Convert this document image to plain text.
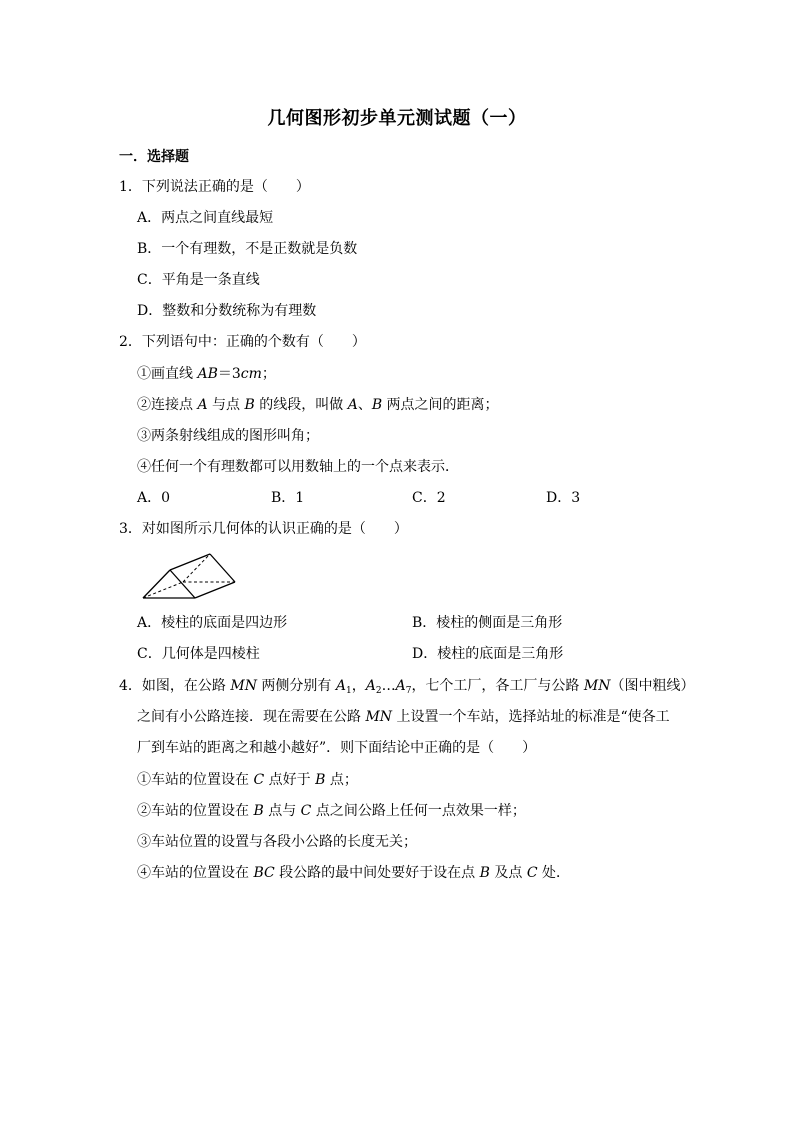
几何图形初步单元测试题（一）
一．选择题
1．下列说法正确的是（　　）
A．两点之间直线最短
B．一个有理数，不是正数就是负数
C．平角是一条直线
D．整数和分数统称为有理数
2．下列语句中：正确的个数有（　　）
①画直线 AB＝3cm；
②连接点 A 与点 B 的线段，叫做 A、B 两点之间的距离；
③两条射线组成的图形叫角；
④任何一个有理数都可以用数轴上的一个点来表示．
A．0	B．1	C．2	D．3
3．对如图所示几何体的认识正确的是（　　）
A．棱柱的底面是四边形	B．棱柱的侧面是三角形
C．几何体是四棱柱	D．棱柱的底面是三角形
4．如图，在公路 MN 两侧分别有 $A_1$，$A_2\dots A_7$，七个工厂，各工厂与公路 MN（图中粗线）
之间有小公路连接．现在需要在公路 MN 上设置一个车站，选择站址的标准是“使各工
厂到车站的距离之和越小越好”．则下面结论中正确的是（　　）
①车站的位置设在 C 点好于 B 点；
②车站的位置设在 B 点与 C 点之间公路上任何一点效果一样；
③车站位置的设置与各段小公路的长度无关；
④车站的位置设在 BC 段公路的最中间处要好于设在点 B 及点 C 处．
